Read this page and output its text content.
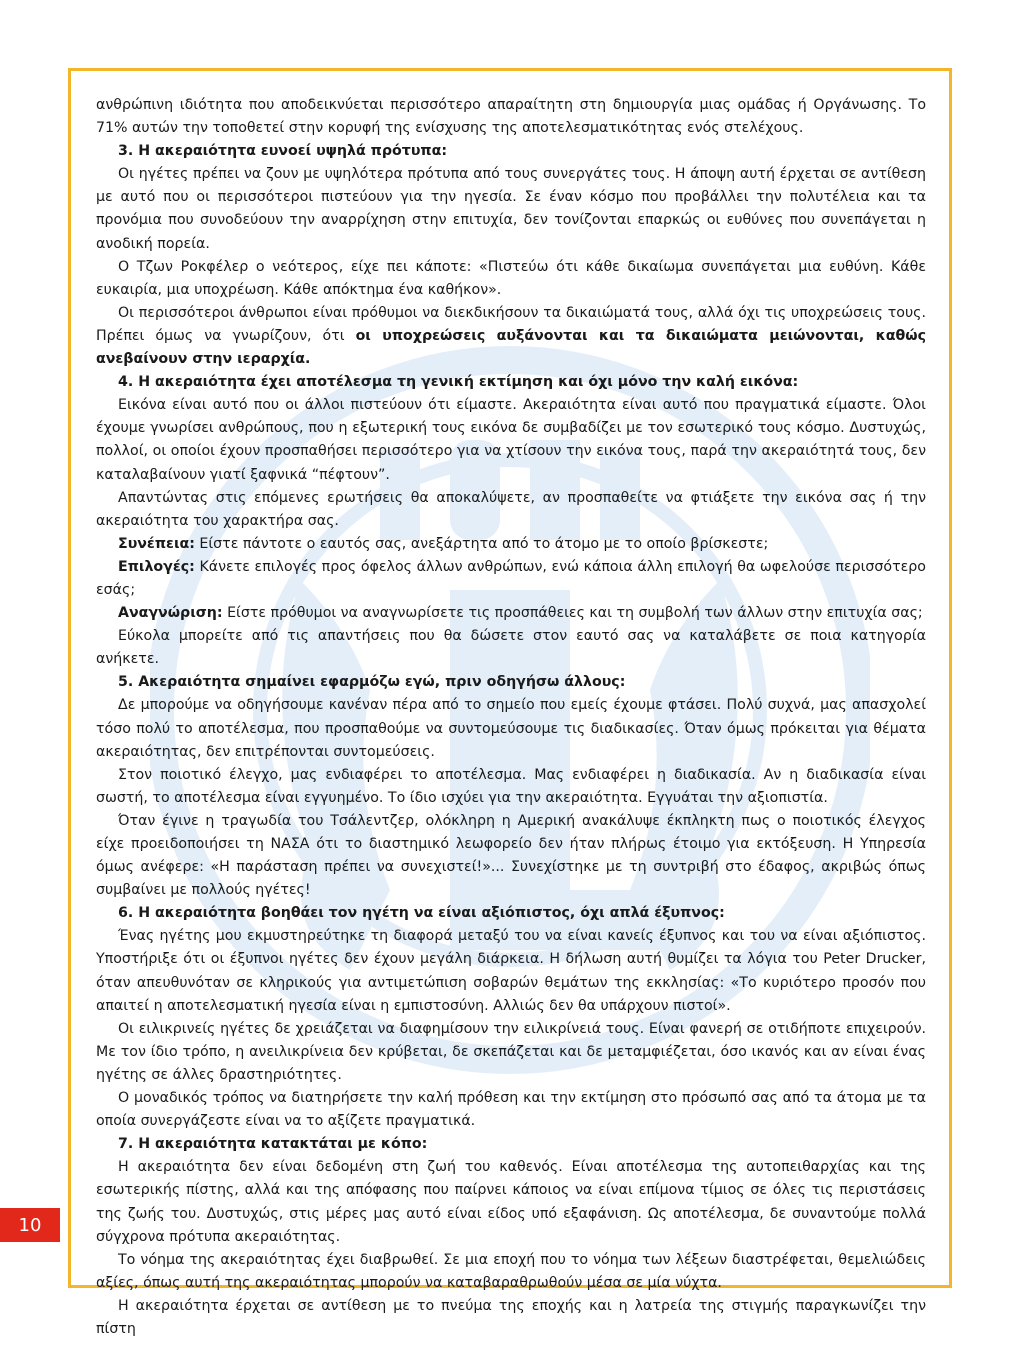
ανθρώπινη ιδιότητα που αποδεικνύεται περισσότερο απαραίτητη στη δημιουργία μιας ομάδας ή Οργάνωσης. Το 71% αυτών την τοποθετεί στην κορυφή της ενίσχυσης της αποτελεσματικότητας ενός στελέχους.

3. Η ακεραιότητα ευνοεί υψηλά πρότυπα:

Οι ηγέτες πρέπει να ζουν με υψηλότερα πρότυπα από τους συνεργάτες τους. Η άποψη αυτή έρχεται σε αντίθεση με αυτό που οι περισσότεροι πιστεύουν για την ηγεσία. Σε έναν κόσμο που προβάλλει την πολυτέλεια και τα προνόμια που συνοδεύουν την αναρρίχηση στην επιτυχία, δεν τονίζονται επαρκώς οι ευθύνες που συνεπάγεται η ανοδική πορεία.

Ο Τζων Ροκφέλερ ο νεότερος, είχε πει κάποτε: «Πιστεύω ότι κάθε δικαίωμα συνεπάγεται μια ευθύνη. Κάθε ευκαιρία, μια υποχρέωση. Κάθε απόκτημα ένα καθήκον».

Οι περισσότεροι άνθρωποι είναι πρόθυμοι να διεκδικήσουν τα δικαιώματά τους, αλλά όχι τις υποχρεώσεις τους. Πρέπει όμως να γνωρίζουν, ότι οι υποχρεώσεις αυξάνονται και τα δικαιώματα μειώνονται, καθώς ανεβαίνουν στην ιεραρχία.

4. Η ακεραιότητα έχει αποτέλεσμα τη γενική εκτίμηση και όχι μόνο την καλή εικόνα:

Εικόνα είναι αυτό που οι άλλοι πιστεύουν ότι είμαστε. Ακεραιότητα είναι αυτό που πραγματικά είμαστε. Όλοι έχουμε γνωρίσει ανθρώπους, που η εξωτερική τους εικόνα δε συμβαδίζει με τον εσωτερικό τους κόσμο. Δυστυχώς, πολλοί, οι οποίοι έχουν προσπαθήσει περισσότερο για να χτίσουν την εικόνα τους, παρά την ακεραιότητά τους, δεν καταλαβαίνουν γιατί ξαφνικά “πέφτουν”.

Απαντώντας στις επόμενες ερωτήσεις θα αποκαλύψετε, αν προσπαθείτε να φτιάξετε την εικόνα σας ή την ακεραιότητα του χαρακτήρα σας.

Συνέπεια: Είστε πάντοτε ο εαυτός σας, ανεξάρτητα από το άτομο με το οποίο βρίσκεστε;

Επιλογές: Κάνετε επιλογές προς όφελος άλλων ανθρώπων, ενώ κάποια άλλη επιλογή θα ωφελούσε περισσότερο εσάς;

Αναγνώριση: Είστε πρόθυμοι να αναγνωρίσετε τις προσπάθειες και τη συμβολή των άλλων στην επιτυχία σας;

Εύκολα μπορείτε από τις απαντήσεις που θα δώσετε στον εαυτό σας να καταλάβετε σε ποια κατηγορία ανήκετε.

5. Ακεραιότητα σημαίνει εφαρμόζω εγώ, πριν οδηγήσω άλλους:

Δε μπορούμε να οδηγήσουμε κανέναν πέρα από το σημείο που εμείς έχουμε φτάσει. Πολύ συχνά, μας απασχολεί τόσο πολύ το αποτέλεσμα, που προσπαθούμε να συντομεύσουμε τις διαδικασίες. Όταν όμως πρόκειται για θέματα ακεραιότητας, δεν επιτρέπονται συντομεύσεις.

Στον ποιοτικό έλεγχο, μας ενδιαφέρει το αποτέλεσμα. Μας ενδιαφέρει η διαδικασία. Αν η διαδικασία είναι σωστή, το αποτέλεσμα είναι εγγυημένο. Το ίδιο ισχύει για την ακεραιότητα. Εγγυάται την αξιοπιστία.

Όταν έγινε η τραγωδία του Τσάλεντζερ, ολόκληρη η Αμερική ανακάλυψε έκπληκτη πως ο ποιοτικός έλεγχος είχε προειδοποιήσει τη ΝΑΣΑ ότι το διαστημικό λεωφορείο δεν ήταν πλήρως έτοιμο για εκτόξευση. Η Υπηρεσία όμως ανέφερε: «Η παράσταση πρέπει να συνεχιστεί!»... Συνεχίστηκε με τη συντριβή στο έδαφος, ακριβώς όπως συμβαίνει με πολλούς ηγέτες!

6. Η ακεραιότητα βοηθάει τον ηγέτη να είναι αξιόπιστος, όχι απλά έξυπνος:

Ένας ηγέτης μου εκμυστηρεύτηκε τη διαφορά μεταξύ του να είναι κανείς έξυπνος και του να είναι αξιόπιστος. Υποστήριξε ότι οι έξυπνοι ηγέτες δεν έχουν μεγάλη διάρκεια. Η δήλωση αυτή θυμίζει τα λόγια του Peter Drucker, όταν απευθυνόταν σε κληρικούς για αντιμετώπιση σοβαρών θεμάτων της εκκλησίας: «Το κυριότερο προσόν που απαιτεί η αποτελεσματική ηγεσία είναι η εμπιστοσύνη. Αλλιώς δεν θα υπάρχουν πιστοί».

Οι ειλικρινείς ηγέτες δε χρειάζεται να διαφημίσουν την ειλικρίνειά τους. Είναι φανερή σε οτιδήποτε επιχειρούν. Με τον ίδιο τρόπο, η ανειλικρίνεια δεν κρύβεται, δε σκεπάζεται και δε μεταμφιέζεται, όσο ικανός και αν είναι ένας ηγέτης σε άλλες δραστηριότητες.

Ο μοναδικός τρόπος να διατηρήσετε την καλή πρόθεση και την εκτίμηση στο πρόσωπό σας από τα άτομα με τα οποία συνεργάζεστε είναι να το αξίζετε πραγματικά.

7. Η ακεραιότητα κατακτάται με κόπο:

Η ακεραιότητα δεν είναι δεδομένη στη ζωή του καθενός. Είναι αποτέλεσμα της αυτοπειθαρχίας και της εσωτερικής πίστης, αλλά και της απόφασης που παίρνει κάποιος να είναι επίμονα τίμιος σε όλες τις περιστάσεις της ζωής του. Δυστυχώς, στις μέρες μας αυτό είναι είδος υπό εξαφάνιση. Ως αποτέλεσμα, δε συναντούμε πολλά σύγχρονα πρότυπα ακεραιότητας.

Το νόημα της ακεραιότητας έχει διαβρωθεί. Σε μια εποχή που το νόημα των λέξεων διαστρέφεται, θεμελιώδεις αξίες, όπως αυτή της ακεραιότητας μπορούν να καταβαραθρωθούν μέσα σε μία νύχτα.

Η ακεραιότητα έρχεται σε αντίθεση με το πνεύμα της εποχής και η λατρεία της στιγμής παραγκωνίζει την πίστη

10
